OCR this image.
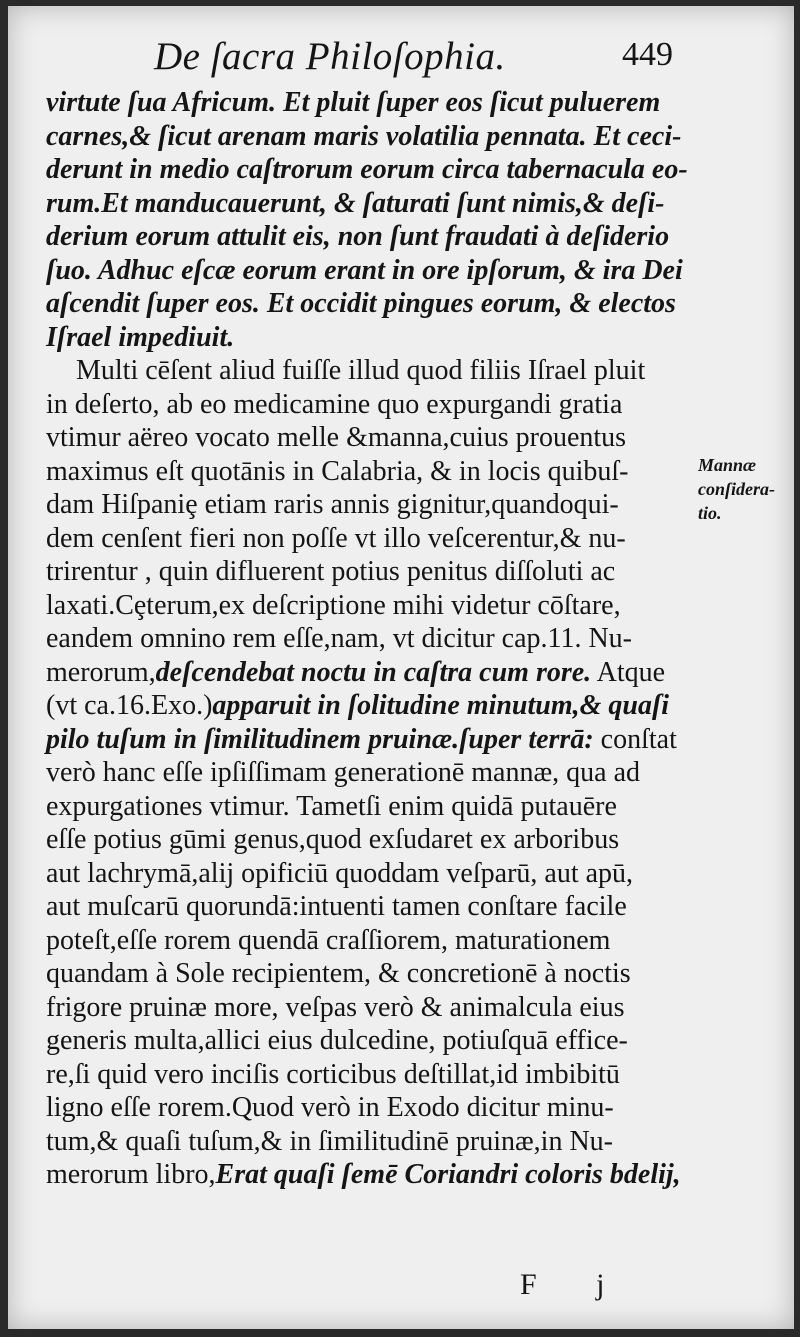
De ſacra Philoſophia.	449
virtute ſua Africum. Et pluit ſuper eos ſicut puluerem
carnes,& ſicut arenam maris volatilia pennata. Et ceci-
derunt in medio caſtrorum eorum circa tabernacula eo-
rum.Et manducauerunt, & ſaturati ſunt nimis,& deſi-
derium eorum attulit eis, non ſunt fraudati à deſiderio
ſuo. Adhuc eſcæ eorum erant in ore ipſorum, & ira Dei
aſcendit ſuper eos. Et occidit pingues eorum, & electos
Iſrael impediuit.
Multi cēſent aliud fuiſſe illud quod filiis Iſrael pluit
in deſerto, ab eo medicamine quo expurgandi gratia
vtimur aëreo vocato melle &manna,cuius prouentus
maximus eſt quotānis in Calabria, & in locis quibuſ-
dam Hiſpaniȩ etiam raris annis gignitur,quandoqui-
dem cenſent fieri non poſſe vt illo veſcerentur,& nu-
trirentur , quin difluerent potius penitus diſſoluti ac
laxati.Cȩterum,ex deſcriptione mihi videtur cōſtare,
eandem omnino rem eſſe,nam, vt dicitur cap.11. Nu-
merorum,deſcendebat noctu in caſtra cum rore. Atque
(vt ca.16.Exo.)apparuit in ſolitudine minutum,& quaſi
pilo tuſum in ſimilitudinem pruinæ.ſuper terrā: conſtat
verò hanc eſſe ipſiſſimam generationē mannæ, qua ad
expurgationes vtimur. Tametſi enim quidā putauēre
eſſe potius gūmi genus,quod exſudaret ex arboribus
aut lachrymā,alij opificiū quoddam veſparū, aut apū,
aut muſcarū quorundā:intuenti tamen conſtare facile
poteſt,eſſe rorem quendā craſſiorem, maturationem
quandam à Sole recipientem, & concretionē à noctis
frigore pruinæ more, veſpas verò & animalcula eius
generis multa,allici eius dulcedine, potiuſquā effice-
re,ſi quid vero inciſis corticibus deſtillat,id imbibitū
ligno eſſe rorem.Quod verò in Exodo dicitur minu-
tum,& quaſi tuſum,& in ſimilitudinē pruinæ,in Nu-
merorum libro,Erat quaſi ſemē Coriandri coloris bdelij,
Mannæ
conſidera-
tio.
F j
